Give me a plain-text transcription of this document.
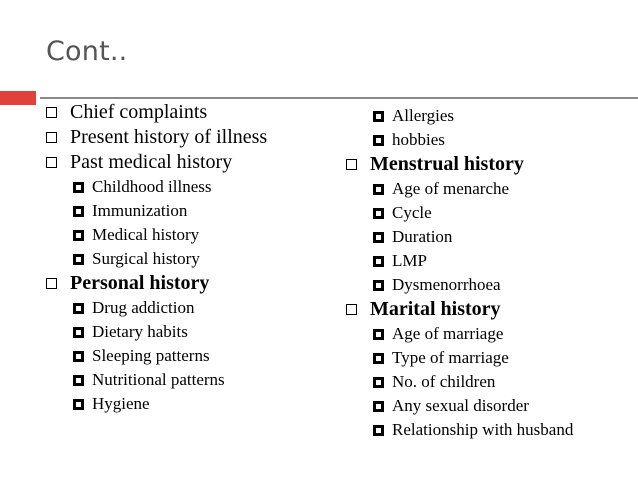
Cont..
Chief complaints
Present history of illness
Past medical history
Childhood illness
Immunization
Medical history
Surgical history
Personal history
Drug addiction
Dietary habits
Sleeping patterns
Nutritional patterns
Hygiene
Allergies
hobbies
Menstrual history
Age of menarche
Cycle
Duration
LMP
Dysmenorrhoea
Marital history
Age of marriage
Type of marriage
No. of children
Any sexual disorder
Relationship with husband
